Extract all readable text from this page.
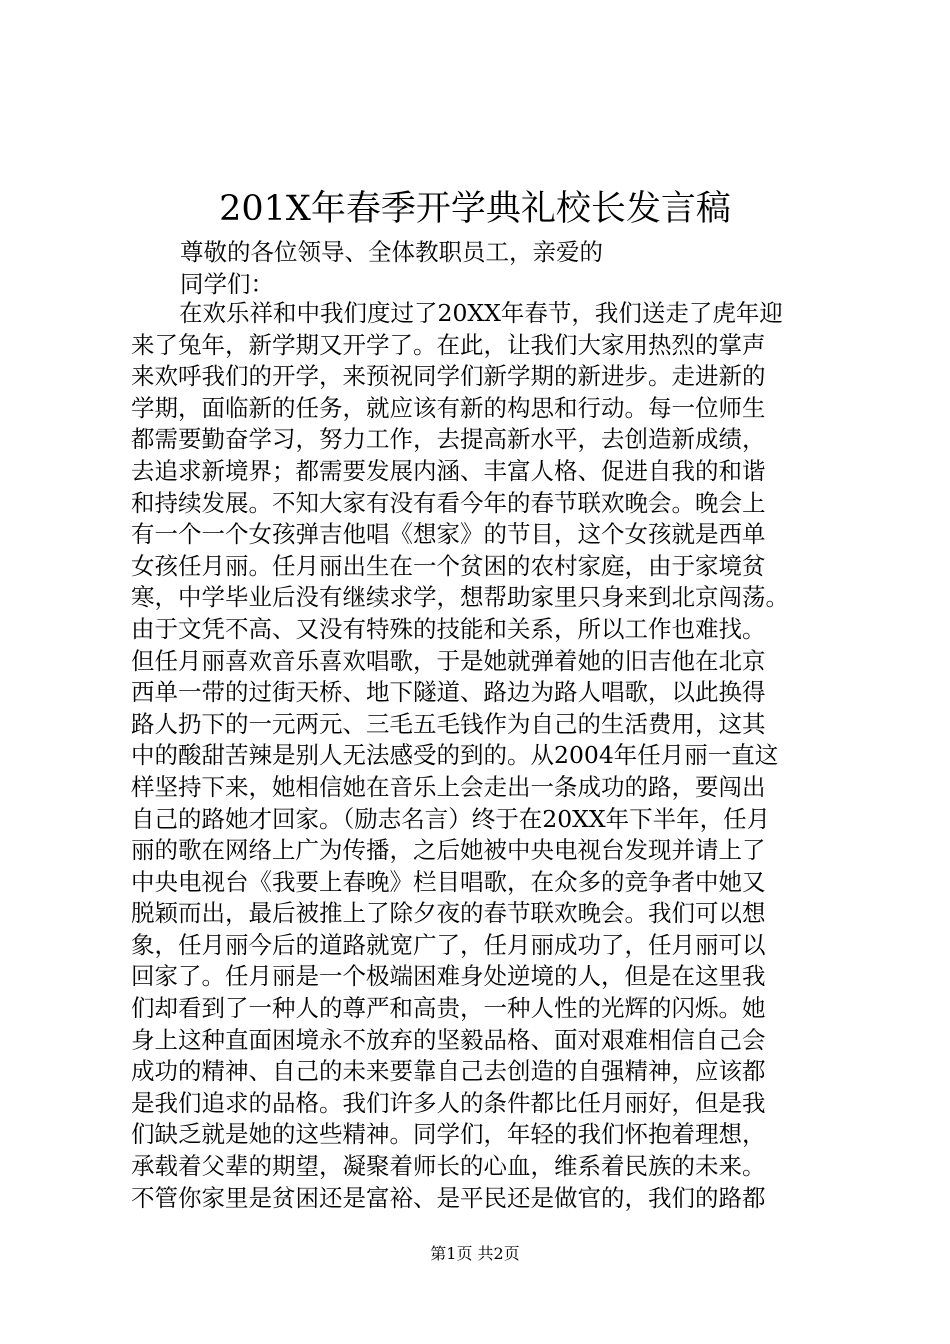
201X年春季开学典礼校长发言稿
尊敬的各位领导、全体教职员工，亲爱的
同学们：
在欢乐祥和中我们度过了20XX年春节，我们送走了虎年迎
来了兔年，新学期又开学了。在此，让我们大家用热烈的掌声
来欢呼我们的开学，来预祝同学们新学期的新进步。走进新的
学期，面临新的任务，就应该有新的构思和行动。每一位师生
都需要勤奋学习，努力工作，去提高新水平，去创造新成绩，
去追求新境界；都需要发展内涵、丰富人格、促进自我的和谐
和持续发展。不知大家有没有看今年的春节联欢晚会。晚会上
有一个一个女孩弹吉他唱《想家》的节目，这个女孩就是西单
女孩任月丽。任月丽出生在一个贫困的农村家庭，由于家境贫
寒，中学毕业后没有继续求学，想帮助家里只身来到北京闯荡。
由于文凭不高、又没有特殊的技能和关系，所以工作也难找。
但任月丽喜欢音乐喜欢唱歌，于是她就弹着她的旧吉他在北京
西单一带的过街天桥、地下隧道、路边为路人唱歌，以此换得
路人扔下的一元两元、三毛五毛钱作为自己的生活费用，这其
中的酸甜苦辣是别人无法感受的到的。从2004年任月丽一直这
样坚持下来，她相信她在音乐上会走出一条成功的路，要闯出
自己的路她才回家。（励志名言）终于在20XX年下半年，任月
丽的歌在网络上广为传播，之后她被中央电视台发现并请上了
中央电视台《我要上春晚》栏目唱歌，在众多的竞争者中她又
脱颖而出，最后被推上了除夕夜的春节联欢晚会。我们可以想
象，任月丽今后的道路就宽广了，任月丽成功了，任月丽可以
回家了。任月丽是一个极端困难身处逆境的人，但是在这里我
们却看到了一种人的尊严和高贵，一种人性的光辉的闪烁。她
身上这种直面困境永不放弃的坚毅品格、面对艰难相信自己会
成功的精神、自己的未来要靠自己去创造的自强精神，应该都
是我们追求的品格。我们许多人的条件都比任月丽好，但是我
们缺乏就是她的这些精神。同学们，年轻的我们怀抱着理想，
承载着父辈的期望，凝聚着师长的心血，维系着民族的未来。
不管你家里是贫困还是富裕、是平民还是做官的，我们的路都
第1页 共2页
